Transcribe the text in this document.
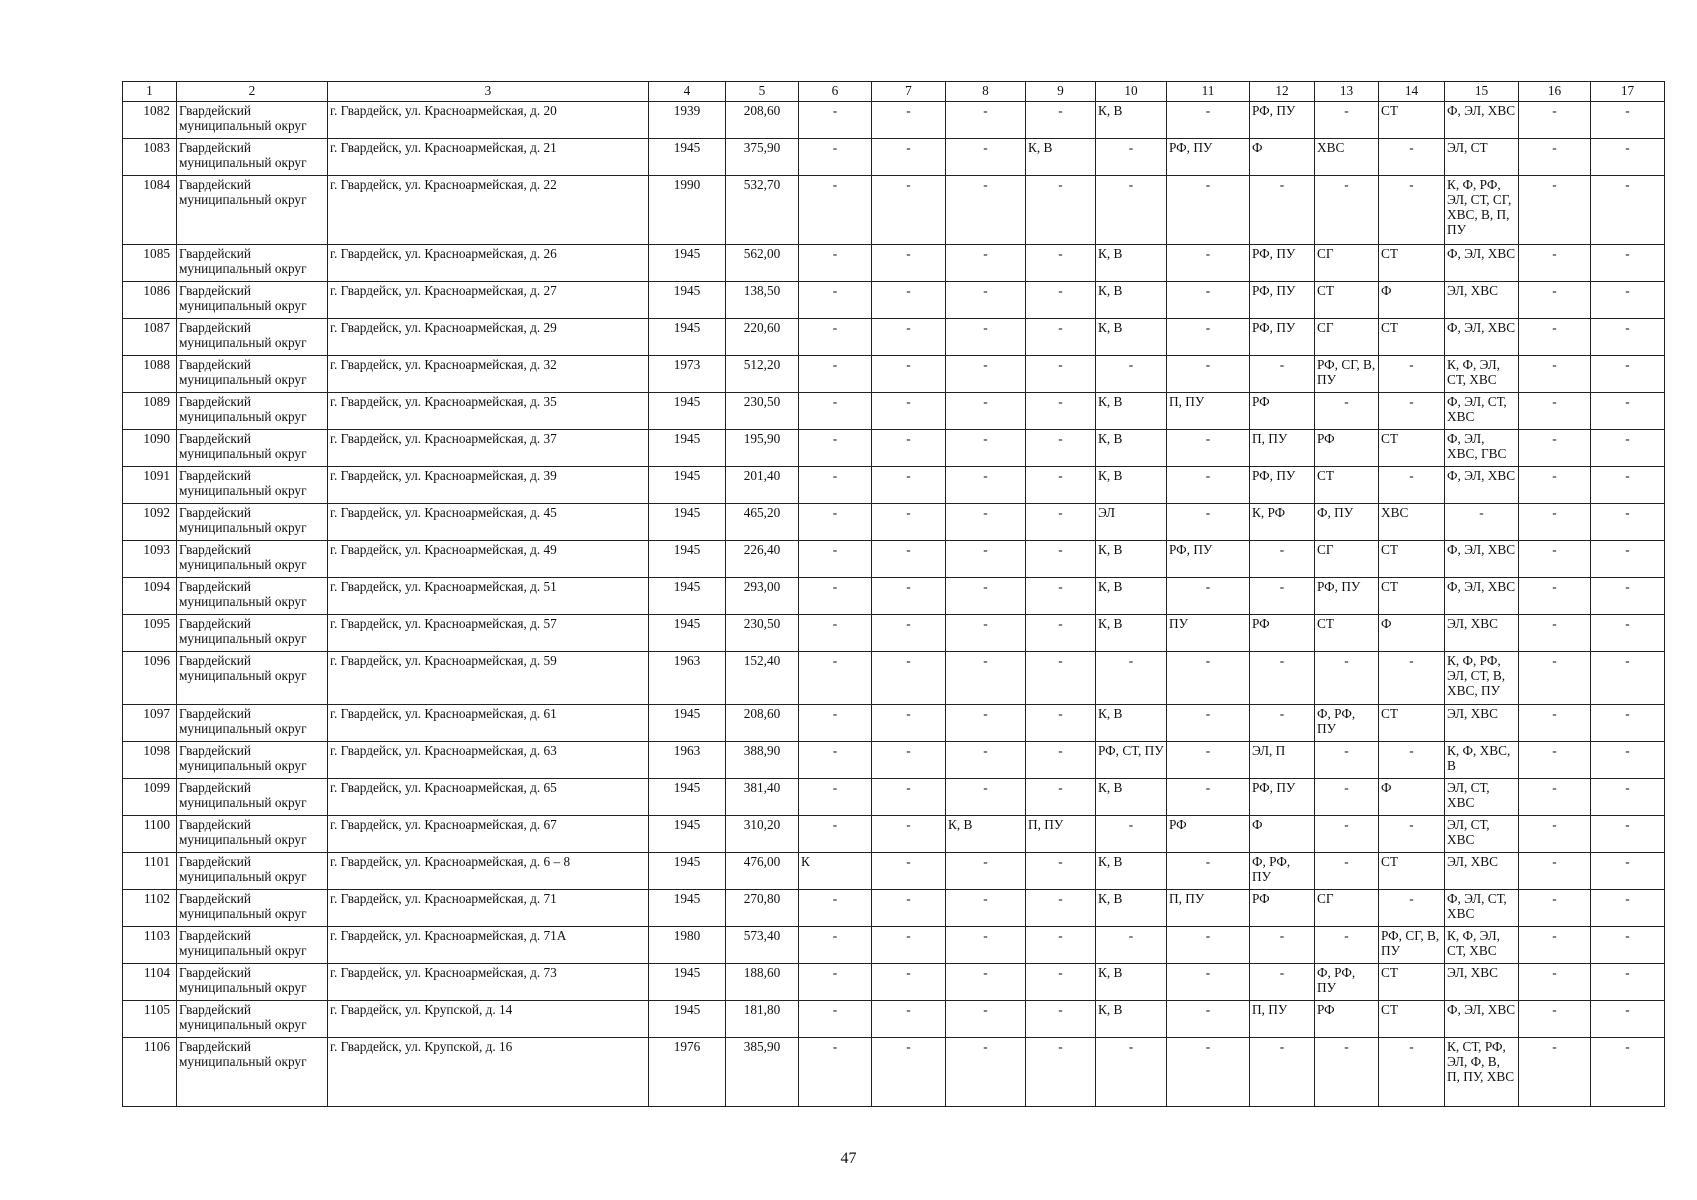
1	2	3	4	5	6	7	8	9	10	11	12	13	14	15	16	17
1082	Гвардейский муниципальный округ	г. Гвардейск, ул. Красноармейская, д. 20	1939	208,60	-	-	-	-	К, В	-	РФ, ПУ	-	СТ	Ф, ЭЛ, ХВС	-	-
1083	Гвардейский муниципальный округ	г. Гвардейск, ул. Красноармейская, д. 21	1945	375,90	-	-	-	К, В	-	РФ, ПУ	Ф	ХВС	-	ЭЛ, СТ	-	-
1084	Гвардейский муниципальный округ	г. Гвардейск, ул. Красноармейская, д. 22	1990	532,70	-	-	-	-	-	-	-	-	-	К, Ф, РФ, ЭЛ, СТ, СГ, ХВС, В, П, ПУ	-	-
1085	Гвардейский муниципальный округ	г. Гвардейск, ул. Красноармейская, д. 26	1945	562,00	-	-	-	-	К, В	-	РФ, ПУ	СГ	СТ	Ф, ЭЛ, ХВС	-	-
1086	Гвардейский муниципальный округ	г. Гвардейск, ул. Красноармейская, д. 27	1945	138,50	-	-	-	-	К, В	-	РФ, ПУ	СТ	Ф	ЭЛ, ХВС	-	-
1087	Гвардейский муниципальный округ	г. Гвардейск, ул. Красноармейская, д. 29	1945	220,60	-	-	-	-	К, В	-	РФ, ПУ	СГ	СТ	Ф, ЭЛ, ХВС	-	-
1088	Гвардейский муниципальный округ	г. Гвардейск, ул. Красноармейская, д. 32	1973	512,20	-	-	-	-	-	-	-	РФ, СГ, В, ПУ	-	К, Ф, ЭЛ, СТ, ХВС	-	-
1089	Гвардейский муниципальный округ	г. Гвардейск, ул. Красноармейская, д. 35	1945	230,50	-	-	-	-	К, В	П, ПУ	РФ	-	-	Ф, ЭЛ, СТ, ХВС	-	-
1090	Гвардейский муниципальный округ	г. Гвардейск, ул. Красноармейская, д. 37	1945	195,90	-	-	-	-	К, В	-	П, ПУ	РФ	СТ	Ф, ЭЛ, ХВС, ГВС	-	-
1091	Гвардейский муниципальный округ	г. Гвардейск, ул. Красноармейская, д. 39	1945	201,40	-	-	-	-	К, В	-	РФ, ПУ	СТ	-	Ф, ЭЛ, ХВС	-	-
1092	Гвардейский муниципальный округ	г. Гвардейск, ул. Красноармейская, д. 45	1945	465,20	-	-	-	-	ЭЛ	-	К, РФ	Ф, ПУ	ХВС	-	-	-
1093	Гвардейский муниципальный округ	г. Гвардейск, ул. Красноармейская, д. 49	1945	226,40	-	-	-	-	К, В	РФ, ПУ	-	СГ	СТ	Ф, ЭЛ, ХВС	-	-
1094	Гвардейский муниципальный округ	г. Гвардейск, ул. Красноармейская, д. 51	1945	293,00	-	-	-	-	К, В	-	-	РФ, ПУ	СТ	Ф, ЭЛ, ХВС	-	-
1095	Гвардейский муниципальный округ	г. Гвардейск, ул. Красноармейская, д. 57	1945	230,50	-	-	-	-	К, В	ПУ	РФ	СТ	Ф	ЭЛ, ХВС	-	-
1096	Гвардейский муниципальный округ	г. Гвардейск, ул. Красноармейская, д. 59	1963	152,40	-	-	-	-	-	-	-	-	-	К, Ф, РФ, ЭЛ, СТ, В, ХВС, ПУ	-	-
1097	Гвардейский муниципальный округ	г. Гвардейск, ул. Красноармейская, д. 61	1945	208,60	-	-	-	-	К, В	-	-	Ф, РФ, ПУ	СТ	ЭЛ, ХВС	-	-
1098	Гвардейский муниципальный округ	г. Гвардейск, ул. Красноармейская, д. 63	1963	388,90	-	-	-	-	РФ, СТ, ПУ	-	ЭЛ, П	-	-	К, Ф, ХВС, В	-	-
1099	Гвардейский муниципальный округ	г. Гвардейск, ул. Красноармейская, д. 65	1945	381,40	-	-	-	-	К, В	-	РФ, ПУ	-	Ф	ЭЛ, СТ, ХВС	-	-
1100	Гвардейский муниципальный округ	г. Гвардейск, ул. Красноармейская, д. 67	1945	310,20	-	-	К, В	П, ПУ	-	РФ	Ф	-	-	ЭЛ, СТ, ХВС	-	-
1101	Гвардейский муниципальный округ	г. Гвардейск, ул. Красноармейская, д. 6 – 8	1945	476,00	К	-	-	-	К, В	-	Ф, РФ, ПУ	-	СТ	ЭЛ, ХВС	-	-
1102	Гвардейский муниципальный округ	г. Гвардейск, ул. Красноармейская, д. 71	1945	270,80	-	-	-	-	К, В	П, ПУ	РФ	СГ	-	Ф, ЭЛ, СТ, ХВС	-	-
1103	Гвардейский муниципальный округ	г. Гвардейск, ул. Красноармейская, д. 71А	1980	573,40	-	-	-	-	-	-	-	-	РФ, СГ, В, ПУ	К, Ф, ЭЛ, СТ, ХВС	-	-
1104	Гвардейский муниципальный округ	г. Гвардейск, ул. Красноармейская, д. 73	1945	188,60	-	-	-	-	К, В	-	-	Ф, РФ, ПУ	СТ	ЭЛ, ХВС	-	-
1105	Гвардейский муниципальный округ	г. Гвардейск, ул. Крупской, д. 14	1945	181,80	-	-	-	-	К, В	-	П, ПУ	РФ	СТ	Ф, ЭЛ, ХВС	-	-
1106	Гвардейский муниципальный округ	г. Гвардейск, ул. Крупской, д. 16	1976	385,90	-	-	-	-	-	-	-	-	-	К, СТ, РФ, ЭЛ, Ф, В, П, ПУ, ХВС	-	-
47
